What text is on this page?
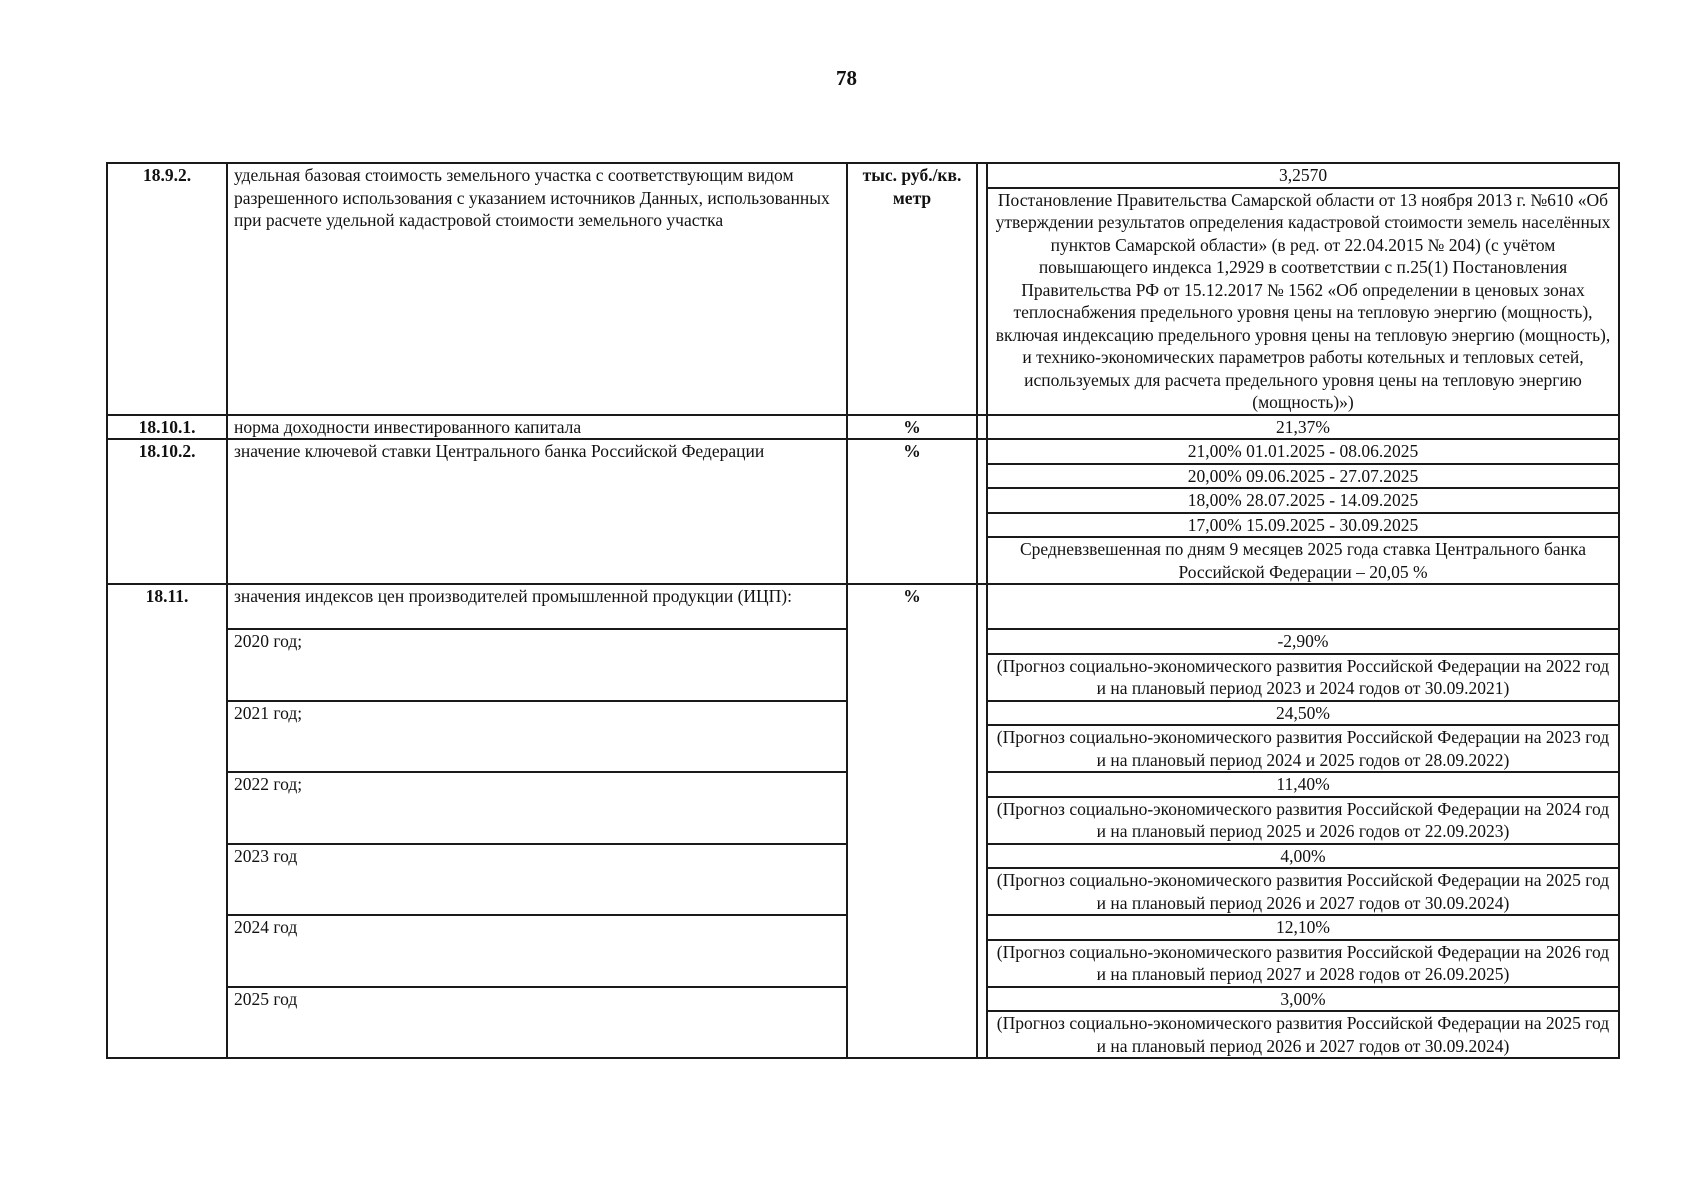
78
18.9.2.	удельная базовая стоимость земельного участка с соответствующим видом разрешенного использования с указанием источников Данных, использованных при расчете удельной кадастровой стоимости земельного участка	тыс. руб./кв. метр		3,2570
				Постановление Правительства Самарской области от 13 ноября 2013 г. №610 «Об утверждении результатов определения кадастровой стоимости земель населённых пунктов Самарской области» (в ред. от 22.04.2015 № 204) (с учётом повышающего индекса 1,2929 в соответствии с п.25(1) Постановления Правительства РФ от 15.12.2017 № 1562 «Об определении в ценовых зонах теплоснабжения предельного уровня цены на тепловую энергию (мощность), включая индексацию предельного уровня цены на тепловую энергию (мощность), и технико-экономических параметров работы котельных и тепловых сетей, используемых для расчета предельного уровня цены на тепловую энергию (мощность)»)
18.10.1.	норма доходности инвестированного капитала	%		21,37%
18.10.2.	значение ключевой ставки Центрального банка Российской Федерации	%		21,00% 01.01.2025 - 08.06.2025
				20,00% 09.06.2025 - 27.07.2025
				18,00% 28.07.2025 - 14.09.2025
				17,00% 15.09.2025 - 30.09.2025
				Средневзвешенная по дням 9 месяцев 2025 года ставка Центрального банка Российской Федерации – 20,05 %
18.11.	значения индексов цен производителей промышленной продукции (ИЦП):	%		

	2020 год;			-2,90%
				(Прогноз социально-экономического развития Российской Федерации на 2022 год и на плановый период 2023 и 2024 годов от 30.09.2021)
	2021 год;			24,50%
				(Прогноз социально-экономического развития Российской Федерации на 2023 год и на плановый период 2024 и 2025 годов от 28.09.2022)
	2022 год;			11,40%
				(Прогноз социально-экономического развития Российской Федерации на 2024 год и на плановый период 2025 и 2026 годов от 22.09.2023)
	2023 год			4,00%
				(Прогноз социально-экономического развития Российской Федерации на 2025 год и на плановый период 2026 и 2027 годов от 30.09.2024)
	2024 год			12,10%
				(Прогноз социально-экономического развития Российской Федерации на 2026 год и на плановый период 2027 и 2028 годов от 26.09.2025)
	2025 год			3,00%
				(Прогноз социально-экономического развития Российской Федерации на 2025 год и на плановый период 2026 и 2027 годов от 30.09.2024)
